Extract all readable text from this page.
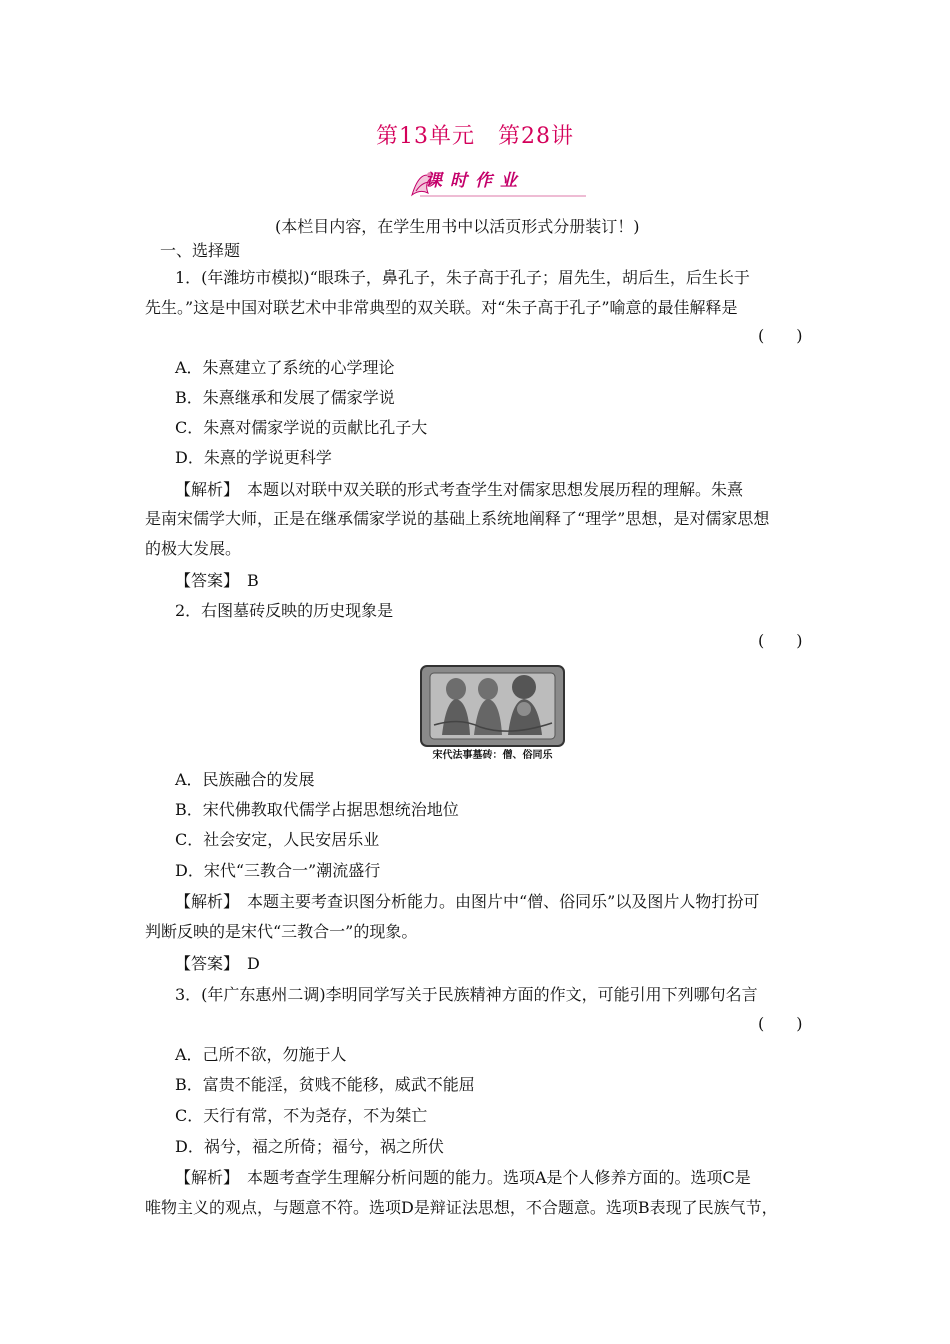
第13单元　第28讲
课时作业
(本栏目内容，在学生用书中以活页形式分册装订！)
一、选择题
1．(年潍坊市模拟)“眼珠子，鼻孔子，朱子高于孔子；眉先生，胡后生，后生长于
先生。”这是中国对联艺术中非常典型的双关联。对“朱子高于孔子”喻意的最佳解释是
(　　)
A．朱熹建立了系统的心学理论
B．朱熹继承和发展了儒家学说
C．朱熹对儒家学说的贡献比孔子大
D．朱熹的学说更科学
【解析】　本题以对联中双关联的形式考查学生对儒家思想发展历程的理解。朱熹
是南宋儒学大师，正是在继承儒家学说的基础上系统地阐释了“理学”思想，是对儒家思想
的极大发展。
【答案】　B
2．右图墓砖反映的历史现象是
(　　)
宋代法事墓砖：僧、俗同乐
A．民族融合的发展
B．宋代佛教取代儒学占据思想统治地位
C．社会安定，人民安居乐业
D．宋代“三教合一”潮流盛行
【解析】　本题主要考查识图分析能力。由图片中“僧、俗同乐”以及图片人物打扮可
判断反映的是宋代“三教合一”的现象。
【答案】　D
3．(年广东惠州二调)李明同学写关于民族精神方面的作文，可能引用下列哪句名言
(　　)
A．己所不欲，勿施于人
B．富贵不能淫，贫贱不能移，威武不能屈
C．天行有常，不为尧存，不为桀亡
D．祸兮，福之所倚；福兮，祸之所伏
【解析】　本题考查学生理解分析问题的能力。选项A是个人修养方面的。选项C是
唯物主义的观点，与题意不符。选项D是辩证法思想，不合题意。选项B表现了民族气节，
